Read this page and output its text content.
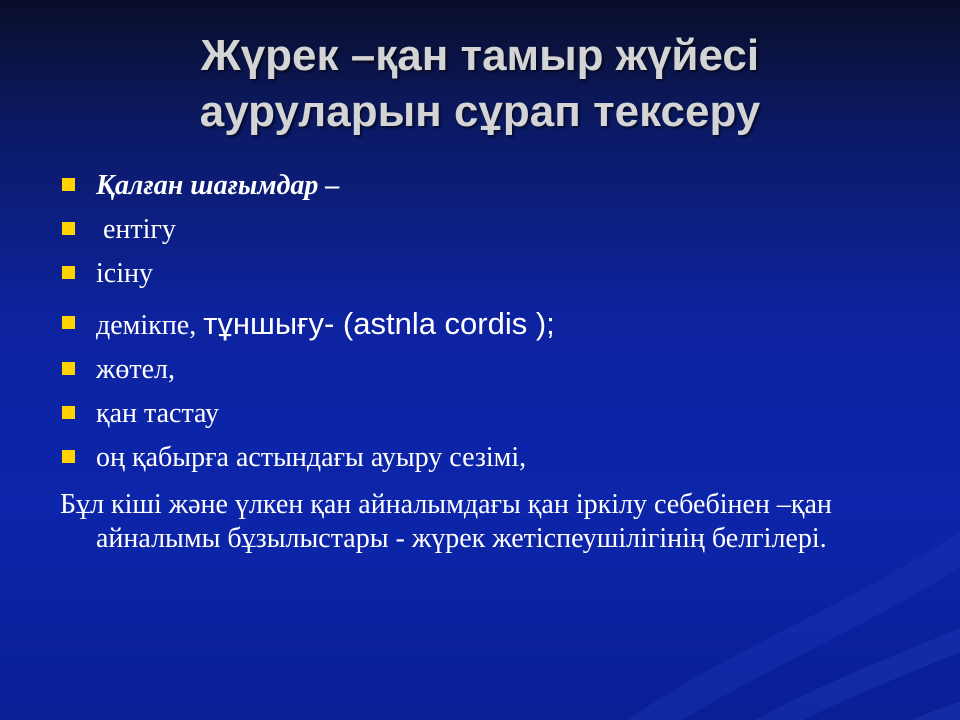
Жүрек –қан тамыр жүйесі
ауруларын сұрап тексеру
Қалған шағымдар –
ентігу
ісіну
демікпе, тұншығу- (astnla cordis );
жөтел,
қан тастау
оң қабырға астындағы ауыру сезімі,
Бұл кіші және үлкен қан айналымдағы қан іркілу себебінен –қан айналымы бұзылыстары - жүрек жетіспеушілігінің белгілері.
